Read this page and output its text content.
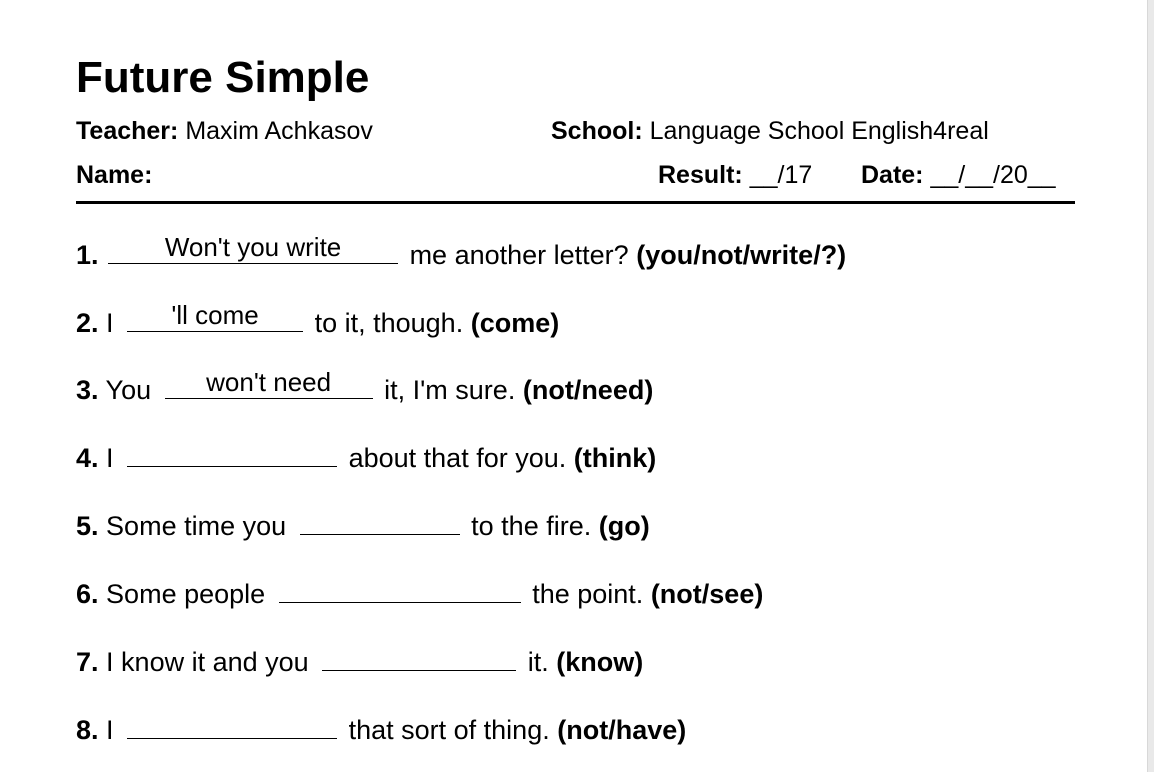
Future Simple
Teacher: Maxim Achkasov	School: Language School English4real
Name:	Result: __/17 Date: __/__/20__
1.	Won't you write	me another letter? (you/not/write/?)
2. I	'll come	to it, though. (come)
3. You	won't need	it, I'm sure. (not/need)
4. I	about that for you. (think)
5. Some time you	to the fire. (go)
6. Some people	the point. (not/see)
7. I know it and you	it. (know)
8. I	that sort of thing. (not/have)
